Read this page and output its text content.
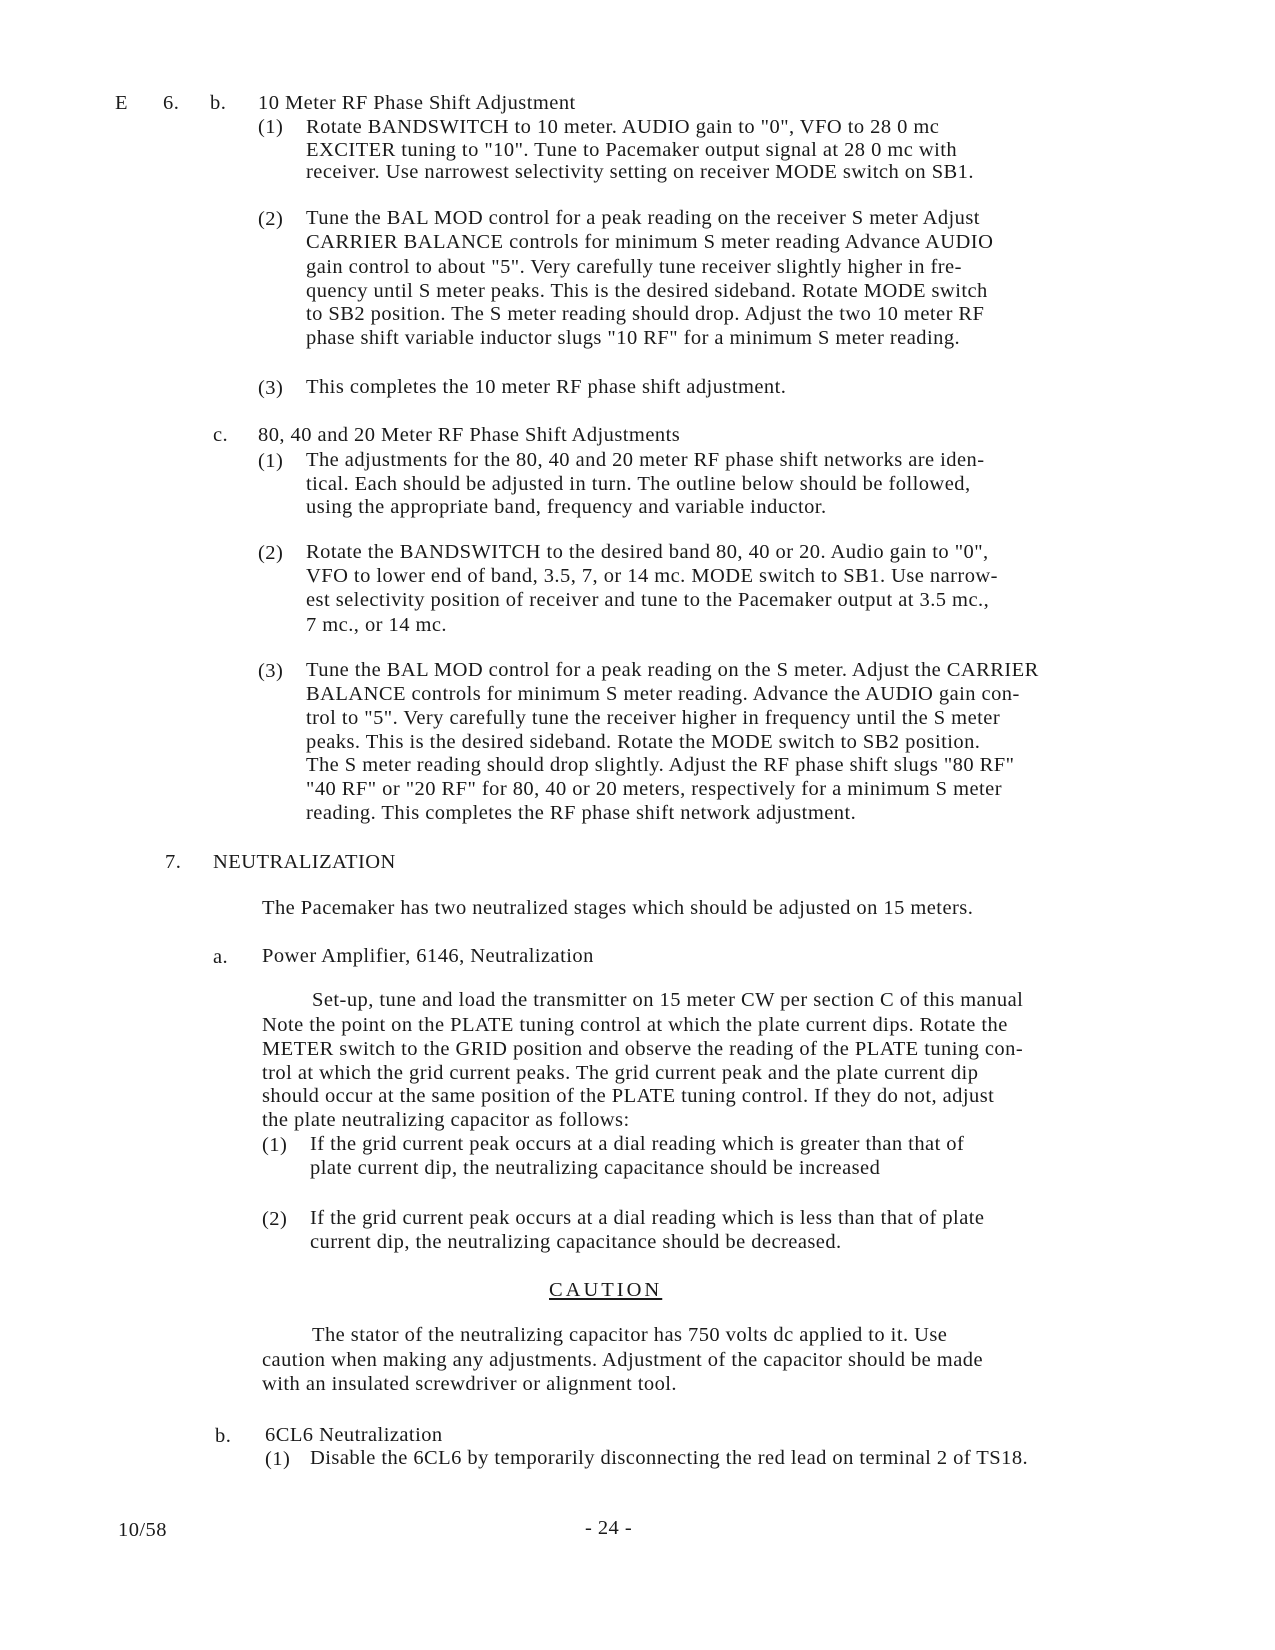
E 6. b. 10 Meter RF Phase Shift Adjustment
(1) Rotate BANDSWITCH to 10 meter. AUDIO gain to "0", VFO to 28 0 mc
EXCITER tuning to "10". Tune to Pacemaker output signal at 28 0 mc with
receiver. Use narrowest selectivity setting on receiver MODE switch on SB1.
(2) Tune the BAL MOD control for a peak reading on the receiver S meter Adjust
CARRIER BALANCE controls for minimum S meter reading Advance AUDIO
gain control to about "5". Very carefully tune receiver slightly higher in fre-
quency until S meter peaks. This is the desired sideband. Rotate MODE switch
to SB2 position. The S meter reading should drop. Adjust the two 10 meter RF
phase shift variable inductor slugs "10 RF" for a minimum S meter reading.
(3) This completes the 10 meter RF phase shift adjustment.
c. 80, 40 and 20 Meter RF Phase Shift Adjustments
(1) The adjustments for the 80, 40 and 20 meter RF phase shift networks are iden-
tical. Each should be adjusted in turn. The outline below should be followed,
using the appropriate band, frequency and variable inductor.
(2) Rotate the BANDSWITCH to the desired band 80, 40 or 20. Audio gain to "0",
VFO to lower end of band, 3.5, 7, or 14 mc. MODE switch to SB1. Use narrow-
est selectivity position of receiver and tune to the Pacemaker output at 3.5 mc.,
7 mc., or 14 mc.
(3) Tune the BAL MOD control for a peak reading on the S meter. Adjust the CARRIER
BALANCE controls for minimum S meter reading. Advance the AUDIO gain con-
trol to "5". Very carefully tune the receiver higher in frequency until the S meter
peaks. This is the desired sideband. Rotate the MODE switch to SB2 position.
The S meter reading should drop slightly. Adjust the RF phase shift slugs "80 RF"
"40 RF" or "20 RF" for 80, 40 or 20 meters, respectively for a minimum S meter
reading. This completes the RF phase shift network adjustment.
7. NEUTRALIZATION
The Pacemaker has two neutralized stages which should be adjusted on 15 meters.
a. Power Amplifier, 6146, Neutralization
Set-up, tune and load the transmitter on 15 meter CW per section C of this manual
Note the point on the PLATE tuning control at which the plate current dips. Rotate the
METER switch to the GRID position and observe the reading of the PLATE tuning con-
trol at which the grid current peaks. The grid current peak and the plate current dip
should occur at the same position of the PLATE tuning control. If they do not, adjust
the plate neutralizing capacitor as follows:
(1) If the grid current peak occurs at a dial reading which is greater than that of
plate current dip, the neutralizing capacitance should be increased
(2) If the grid current peak occurs at a dial reading which is less than that of plate
current dip, the neutralizing capacitance should be decreased.
CAUTION
The stator of the neutralizing capacitor has 750 volts dc applied to it. Use
caution when making any adjustments. Adjustment of the capacitor should be made
with an insulated screwdriver or alignment tool.
b. 6CL6 Neutralization
(1) Disable the 6CL6 by temporarily disconnecting the red lead on terminal 2 of TS18.
10/58	- 24 -
